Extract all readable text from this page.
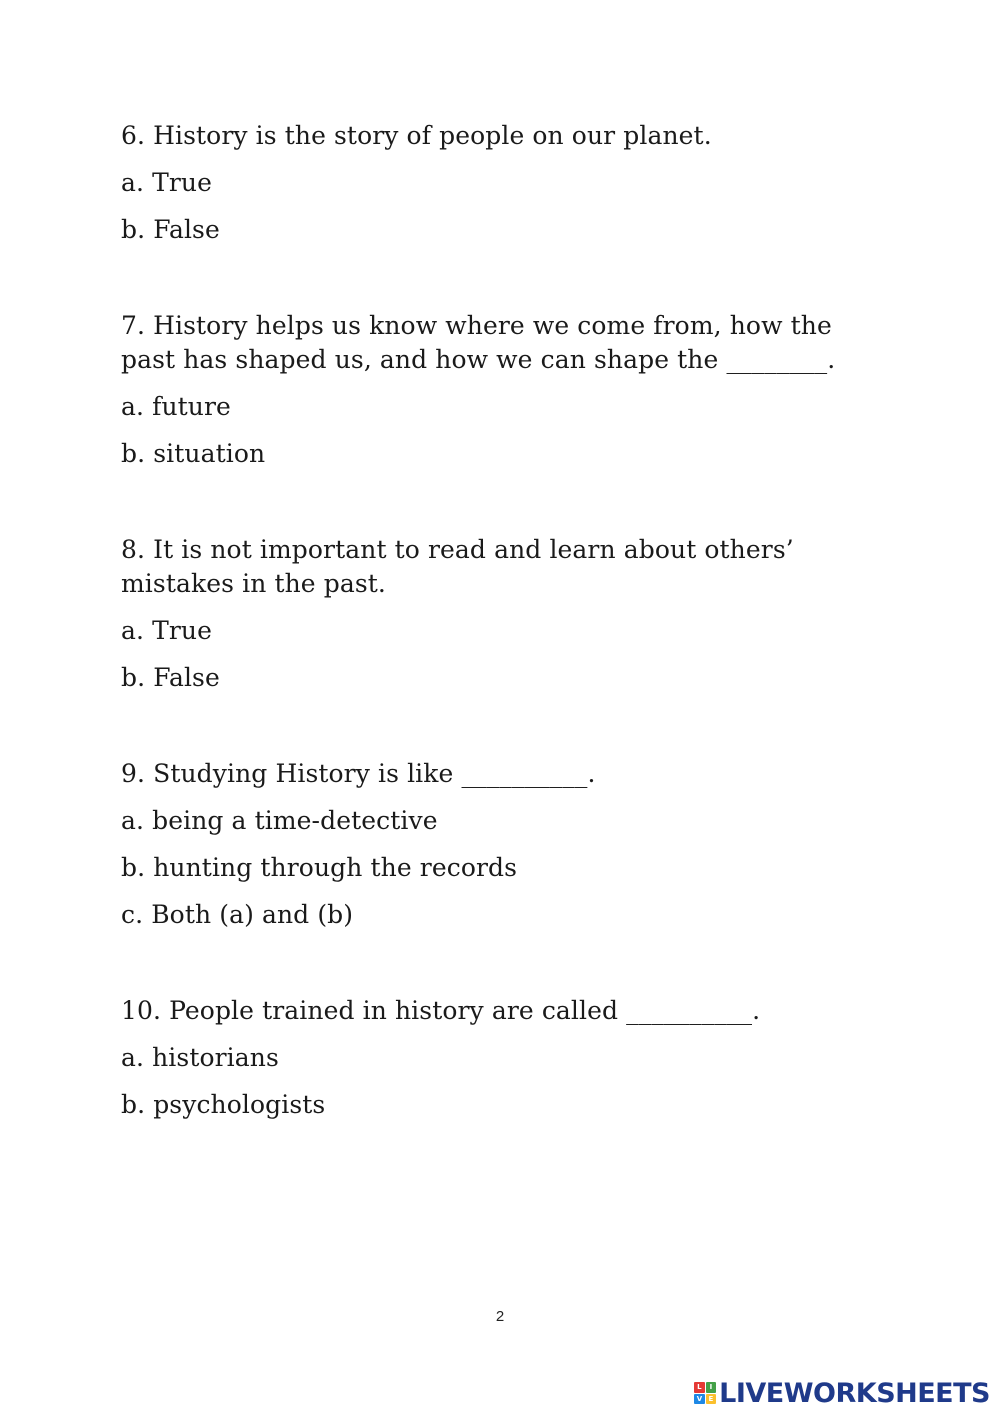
6. History is the story of people on our planet.

a. True

b. False

7. History helps us know where we come from, how the
past has shaped us, and how we can shape the ________.

a. future

b. situation

8. It is not important to read and learn about others’
mistakes in the past.

a. True

b. False

9. Studying History is like __________.

a. being a time-detective

b. hunting through the records

c. Both (a) and (b)

10. People trained in history are called __________.

a. historians

b. psychologists

2
L	I
V E LIVEWORKSHEETS
